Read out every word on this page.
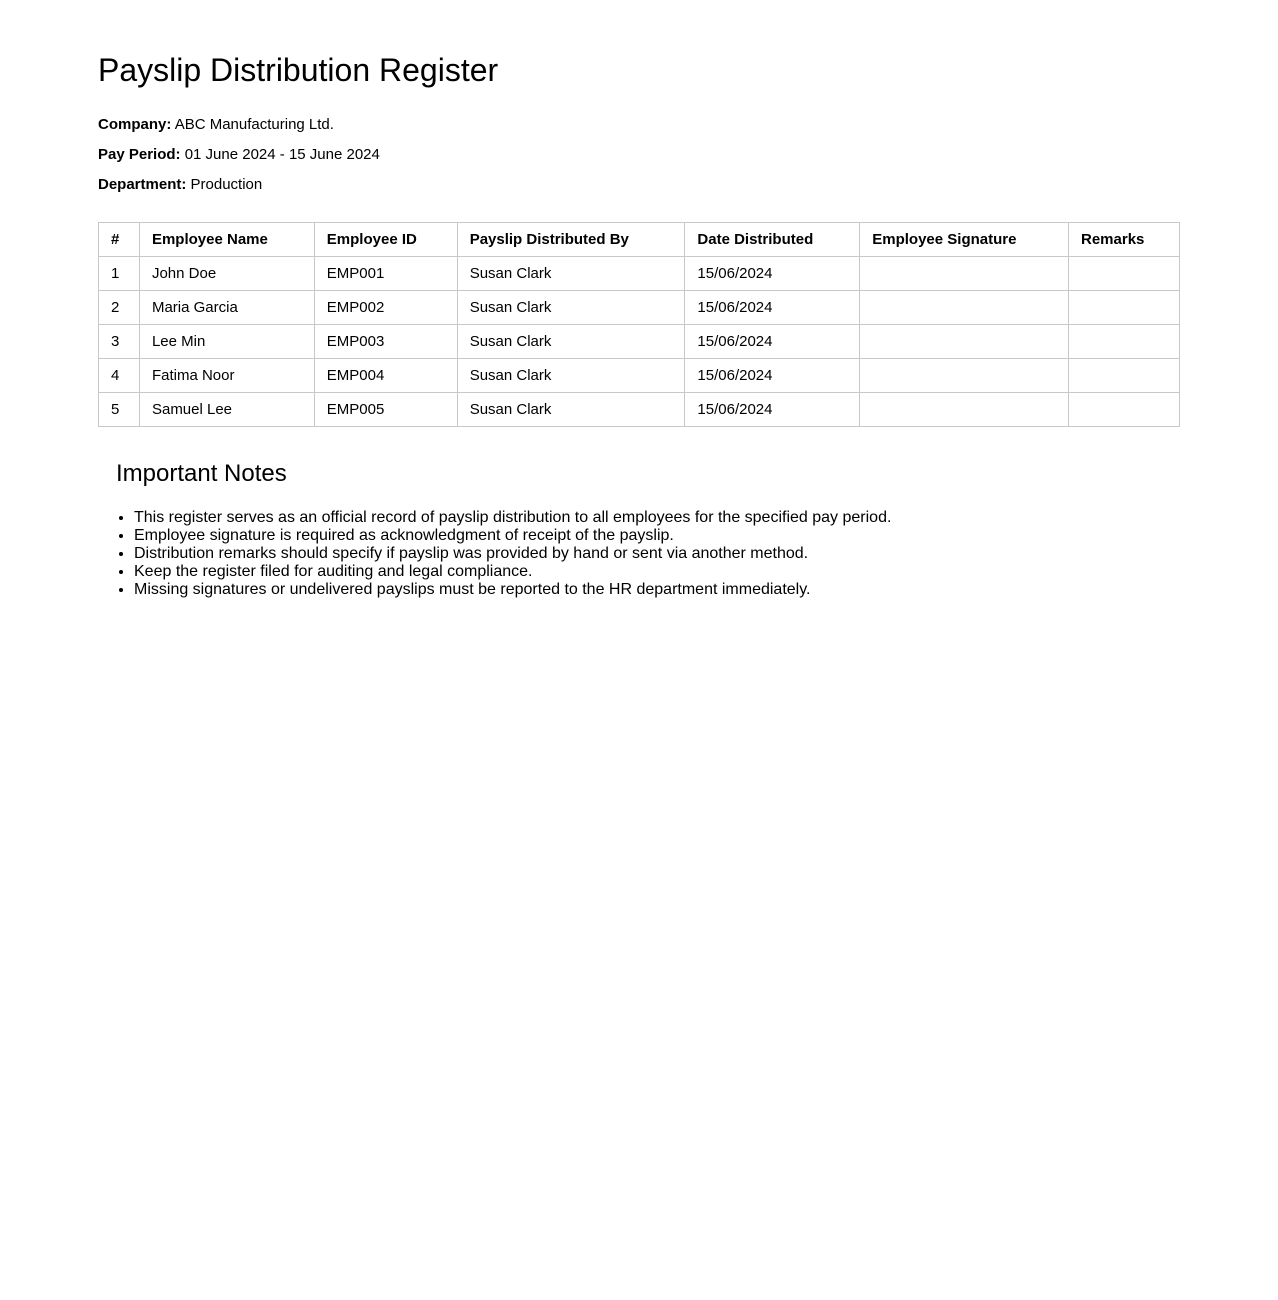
Payslip Distribution Register
Company: ABC Manufacturing Ltd.
Pay Period: 01 June 2024 - 15 June 2024
Department: Production
#	Employee Name	Employee ID	Payslip Distributed By	Date Distributed	Employee Signature	Remarks
1	John Doe	EMP001	Susan Clark	15/06/2024		
2	Maria Garcia	EMP002	Susan Clark	15/06/2024		
3	Lee Min	EMP003	Susan Clark	15/06/2024		
4	Fatima Noor	EMP004	Susan Clark	15/06/2024		
5	Samuel Lee	EMP005	Susan Clark	15/06/2024		
Important Notes
• This register serves as an official record of payslip distribution to all employees for the specified pay period.
• Employee signature is required as acknowledgment of receipt of the payslip.
• Distribution remarks should specify if payslip was provided by hand or sent via another method.
• Keep the register filed for auditing and legal compliance.
• Missing signatures or undelivered payslips must be reported to the HR department immediately.
